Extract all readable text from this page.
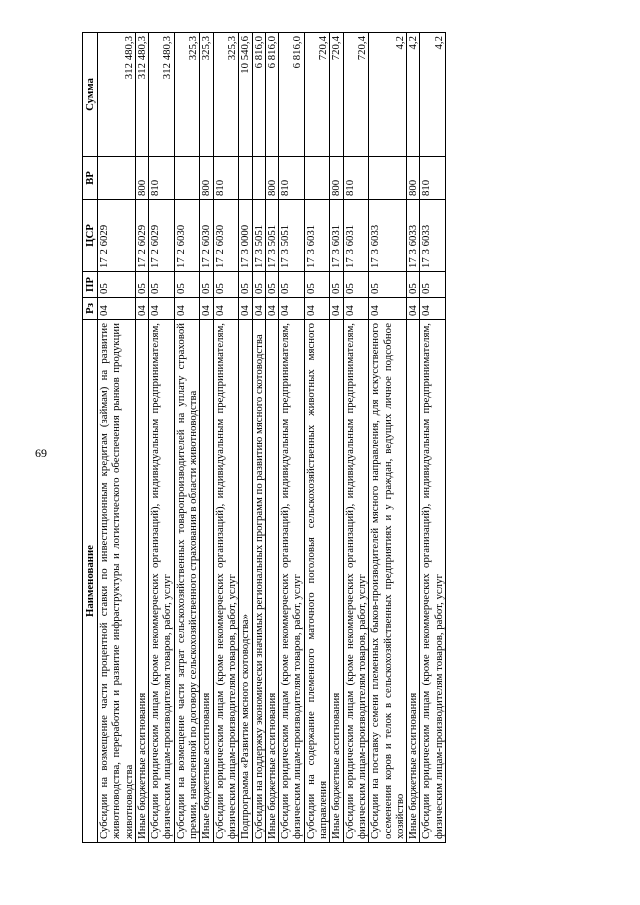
69
Наименование	Рз	ПР	ЦСР	ВР	Сумма
Субсидии на возмещение части процентной ставки по инвестиционным кредитам (займам) на развитие животноводства, переработки и развитие инфраструктуры и логистического обеспечения рынков продукции животноводства	04	05	17 2 6029		312 480,3
Иные бюджетные ассигнования	04	05	17 2 6029	800	312 480,3
Субсидии юридическим лицам (кроме некоммерческих организаций), индивидуальным предпринимателям, физическим лицам-производителям товаров, работ, услуг	04	05	17 2 6029	810	312 480,3
Субсидии на возмещение части затрат сельскохозяйственных товаропроизводителей на уплату страховой премии, начисленной по договору сельскохозяйственного страхования в области животноводства	04	05	17 2 6030		325,3
Иные бюджетные ассигнования	04	05	17 2 6030	800	325,3
Субсидии юридическим лицам (кроме некоммерческих организаций), индивидуальным предпринимателям, физическим лицам-производителям товаров, работ, услуг	04	05	17 2 6030	810	325,3
Подпрограмма «Развитие мясного скотоводства»	04	05	17 3 0000		10 540,6
Субсидии на поддержку экономически значимых региональных программ по развитию мясного скотоводства	04	05	17 3 5051		6 816,0
Иные бюджетные ассигнования	04	05	17 3 5051	800	6 816,0
Субсидии юридическим лицам (кроме некоммерческих организаций), индивидуальным предпринимателям, физическим лицам-производителям товаров, работ, услуг	04	05	17 3 5051	810	6 816,0
Субсидии на содержание племенного маточного поголовья сельскохозяйственных животных мясного направления	04	05	17 3 6031		720,4
Иные бюджетные ассигнования	04	05	17 3 6031	800	720,4
Субсидии юридическим лицам (кроме некоммерческих организаций), индивидуальным предпринимателям, физическим лицам-производителям товаров, работ, услуг	04	05	17 3 6031	810	720,4
Субсидии на поставку семени племенных быков-производителей мясного направления, для искусственного осеменения коров и телок в сельскохозяйственных предприятиях и у граждан, ведущих личное подсобное хозяйство	04	05	17 3 6033		4,2
Иные бюджетные ассигнования	04	05	17 3 6033	800	4,2
Субсидии юридическим лицам (кроме некоммерческих организаций), индивидуальным предпринимателям, физическим лицам-производителям товаров, работ, услуг	04	05	17 3 6033	810	4,2
